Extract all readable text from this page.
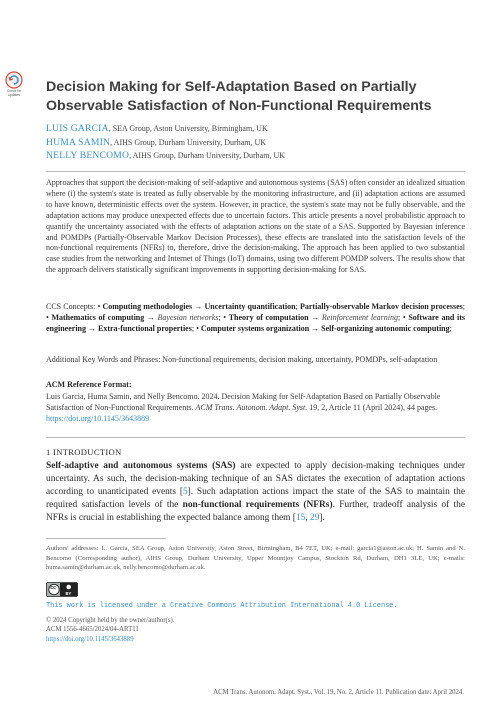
Check for updates	Decision Making for Self-Adaptation Based on Partially
Observable Satisfaction of Non-Functional Requirements
LUIS GARCIA, SEA Group, Aston University, Birmingham, UK
HUMA SAMIN, AIHS Group, Durham University, Durham, UK
NELLY BENCOMO, AIHS Group, Durham University, Durham, UK

Approaches that support the decision-making of self-adaptive and autonomous systems (SAS) often consider an idealized situation where (i) the system's state is treated as fully observable by the monitoring infrastructure, and (ii) adaptation actions are assumed to have known, deterministic effects over the system. However, in practice, the system's state may not be fully observable, and the adaptation actions may produce unexpected effects due to uncertain factors. This article presents a novel probabilistic approach to quantify the uncertainty associated with the effects of adaptation actions on the state of a SAS. Supported by Bayesian inference and POMDPs (Partially-Observable Markov Decision Processes), these effects are translated into the satisfaction levels of the non-functional requirements (NFRs) to, therefore, drive the decision-making. The approach has been applied to two substantial case studies from the networking and Internet of Things (IoT) domains, using two different POMDP solvers. The results show that the approach delivers statistically significant improvements in supporting decision-making for SAS.

CCS Concepts: • Computing methodologies → Uncertainty quantification; Partially-observable Markov decision processes; • Mathematics of computing → Bayesian networks; • Theory of computation → Reinforcement learning; • Software and its engineering → Extra-functional properties; • Computer systems organization → Self-organizing autonomic computing;
Additional Key Words and Phrases: Non-functional requirements, decision making, uncertainty, POMDPs, self-adaptation
ACM Reference Format:
Luis Garcia, Huma Samin, and Nelly Bencomo. 2024. Decision Making for Self-Adaptation Based on Partially Observable Satisfaction of Non-Functional Requirements. ACM Trans. Autonom. Adapt. Syst. 19, 2, Article 11 (April 2024), 44 pages. https://doi.org/10.1145/3643889
1 INTRODUCTION

Self-adaptive and autonomous systems (SAS) are expected to apply decision-making techniques under uncertainty. As such, the decision-making technique of an SAS dictates the execution of adaptation actions according to unanticipated events [5]. Such adaptation actions impact the state of the SAS to maintain the required satisfaction levels of the non-functional requirements (NFRs). Further, tradeoff analysis of the NFRs is crucial in establishing the expected balance among them [15, 29].

Authors' addresses: L. Garcia, SEA Group, Aston University, Aston Street, Birmingham, B4 7ET, UK; e-mail: garcia1@aston.ac.uk; H. Samin and N. Bencomo (Corresponding author), AIHS Group, Durham University, Upper Mountjoy Campus, Stockton Rd, Durham, DH1 3LE, UK; e-mails: huma.samin@durham.ac.uk, nelly.bencomo@durham.ac.uk.
cc
BY
This work is licensed under a Creative Commons Attribution International 4.0 License.
© 2024 Copyright held by the owner/author(s).
ACM 1556-4665/2024/04-ART11
https://doi.org/10.1145/3643889
ACM Trans. Autonom. Adapt. Syst., Vol. 19, No. 2, Article 11. Publication date: April 2024.
